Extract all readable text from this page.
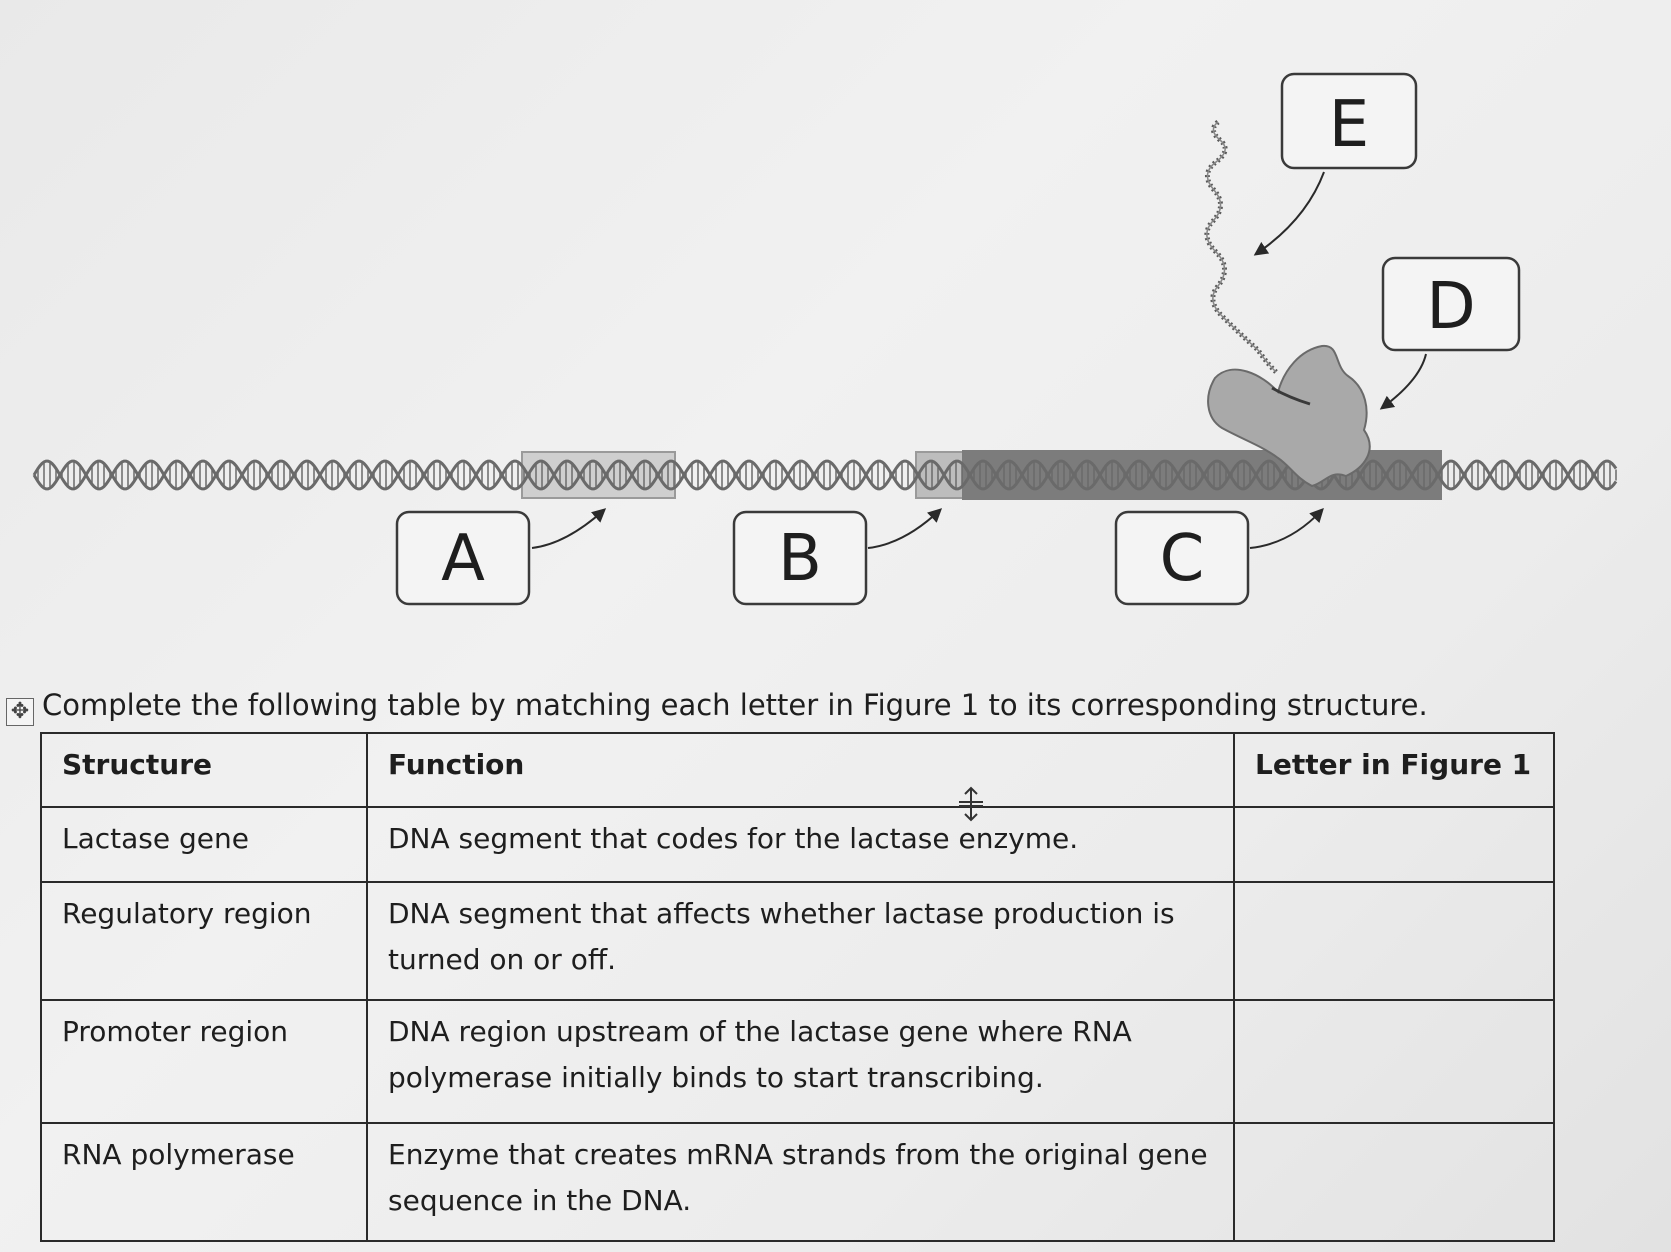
A	B	C
D
E
✥ Complete the following table by matching each letter in Figure 1 to its corresponding structure.
Structure	Function	Letter in Figure 1
Lactase gene	DNA segment that codes for the lactase enzyme.	
Regulatory region	DNA segment that affects whether lactase production is turned on or off.	
Promoter region	DNA region upstream of the lactase gene where RNA polymerase initially binds to start transcribing.	
RNA polymerase	Enzyme that creates mRNA strands from the original gene sequence in the DNA.	
